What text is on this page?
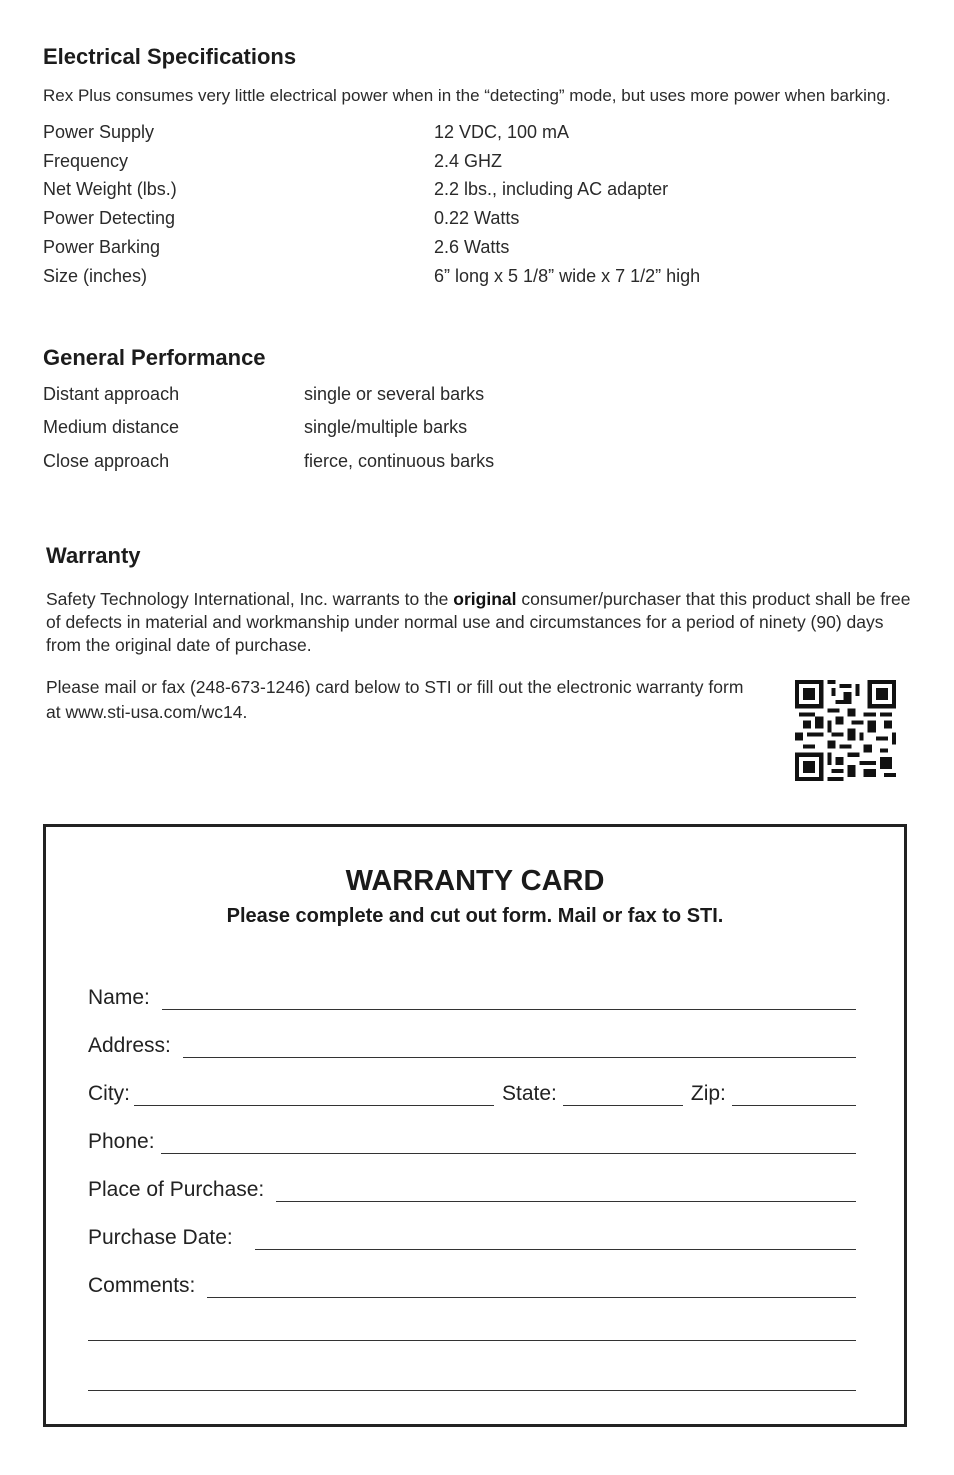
Electrical Specifications
Rex Plus consumes very little electrical power when in the “detecting” mode, but uses more power when barking.
Power Supply	12 VDC, 100 mA
Frequency	2.4 GHZ
Net Weight (lbs.)	2.2 lbs., including AC adapter
Power Detecting	0.22 Watts
Power Barking	2.6 Watts
Size (inches)	6” long x 5 1/8” wide x 7 1/2” high
General Performance
Distant approach	single or several barks
Medium distance	single/multiple barks
Close approach	fierce, continuous barks
Warranty
Safety Technology International, Inc. warrants to the original consumer/purchaser that this product shall be free of defects in material and workmanship under normal use and circumstances for a period of ninety (90) days from the original date of purchase.
Please mail or fax (248-673-1246) card below to STI or fill out the electronic warranty form at www.sti-usa.com/wc14.
WARRANTY CARD
Please complete and cut out form. Mail or fax to STI.
Name:
Address:
City:	State:	Zip:
Phone:
Place of Purchase:
Purchase Date:
Comments:
